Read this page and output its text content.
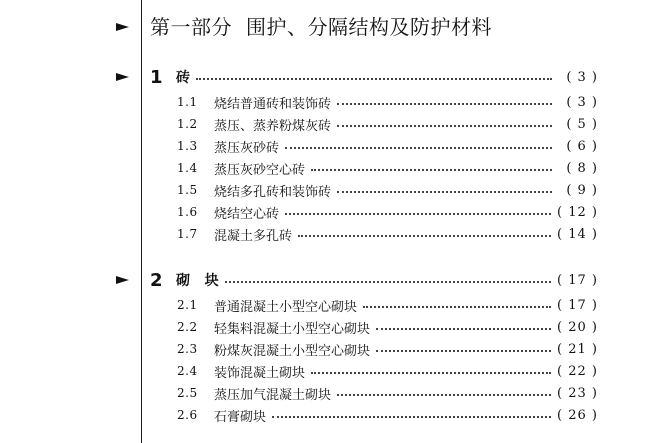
第一部分 围护、分隔结构及防护材料
1 砖	( 3 )
1.1	烧结普通砖和装饰砖	( 3 )
1.2	蒸压、蒸养粉煤灰砖	( 5 )
1.3	蒸压灰砂砖	( 6 )
1.4	蒸压灰砂空心砖	( 8 )
1.5	烧结多孔砖和装饰砖	( 9 )
1.6	烧结空心砖	( 12 )
1.7	混凝土多孔砖	( 14 )
2 砌   块	( 17 )
2.1	普通混凝土小型空心砌块	( 17 )
2.2	轻集料混凝土小型空心砌块	( 20 )
2.3	粉煤灰混凝土小型空心砌块	( 21 )
2.4	装饰混凝土砌块	( 22 )
2.5	蒸压加气混凝土砌块	( 23 )
2.6	石膏砌块	( 26 )
